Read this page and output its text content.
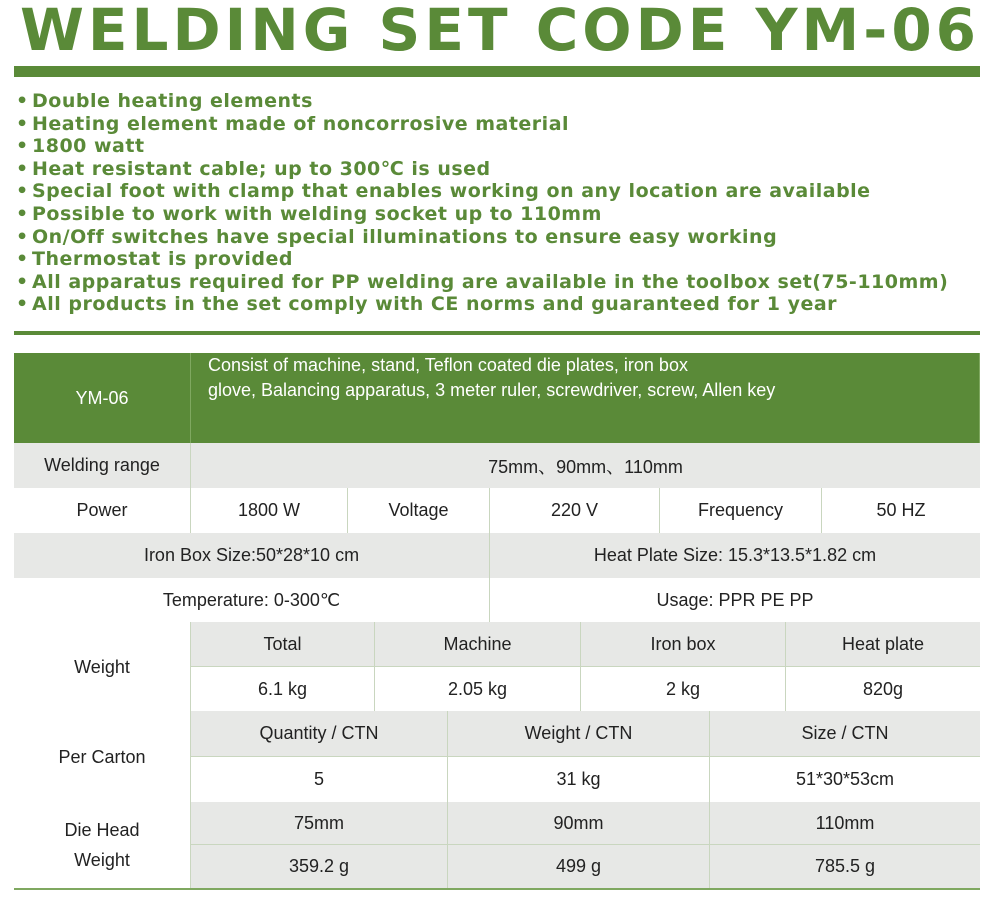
WELDING SET CODE YM-06
• Double heating elements
• Heating element made of noncorrosive material
• 1800 watt
• Heat resistant cable; up to 300℃ is used
• Special foot with clamp that enables working on any location are available
• Possible to work with welding socket up to 110mm
• On/Off switches have special illuminations to ensure easy working
• Thermostat is provided
• All apparatus required for PP welding are available in the toolbox set(75-110mm)
• All products in the set comply with CE norms and guaranteed for 1 year
YM-06
Consist of machine, stand, Teflon coated die plates, iron box
glove, Balancing apparatus, 3 meter ruler, screwdriver, screw, Allen key
Welding range	75mm、90mm、110mm
Power	1800 W	Voltage	220 V	Frequency	50 HZ
Iron Box Size:50*28*10 cm	Heat Plate Size: 15.3*13.5*1.82 cm
Temperature: 0-300℃	Usage: PPR PE PP
Weight
Total	Machine	Iron box	Heat plate
6.1 kg	2.05 kg	2 kg	820g
Per Carton
Quantity / CTN	Weight / CTN	Size / CTN
5	31 kg	51*30*53cm
Die Head
Weight
75mm	90mm	110mm
359.2 g	499 g	785.5 g
